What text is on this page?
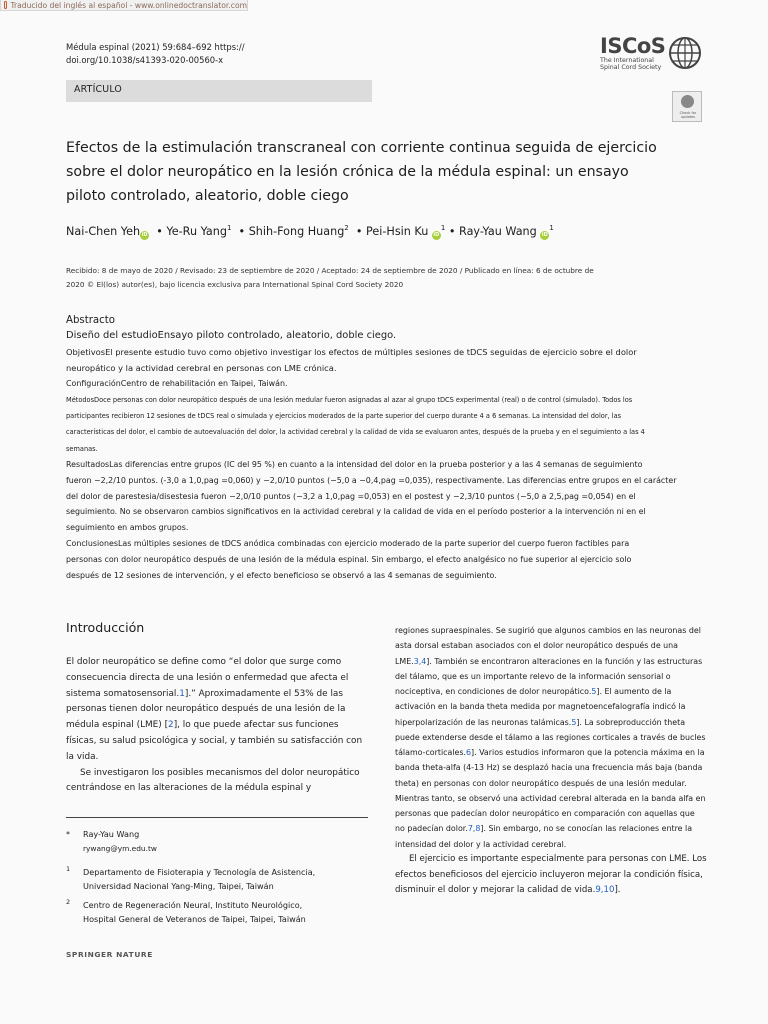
Traducido del inglés al español - www.onlinedoctranslator.com
Médula espinal (2021) 59:684–692 https://
doi.org/10.1038/s41393-020-00560-x
ARTÍCULO
ISCoS
The International
Spinal Cord Society
Check for
updates
Efectos de la estimulación transcraneal con corriente continua seguida de ejercicio
sobre el dolor neuropático en la lesión crónica de la médula espinal: un ensayo
piloto controlado, aleatorio, doble ciego
Nai-Chen Yeh iD  • Ye-Ru Yang$^1$  • Shih-Fong Huang$^2$  • Pei-Hsin Ku $iD^1$ • Ray-Yau Wang $iD^1$
Recibido: 8 de mayo de 2020 / Revisado: 23 de septiembre de 2020 / Aceptado: 24 de septiembre de 2020 / Publicado en línea: 6 de octubre de
2020 © El(los) autor(es), bajo licencia exclusiva para International Spinal Cord Society 2020
Abstracto
Diseño del estudioEnsayo piloto controlado, aleatorio, doble ciego.
ObjetivosEl presente estudio tuvo como objetivo investigar los efectos de múltiples sesiones de tDCS seguidas de ejercicio sobre el dolor
neuropático y la actividad cerebral en personas con LME crónica.
ConfiguraciónCentro de rehabilitación en Taipei, Taiwán.
MétodosDoce personas con dolor neuropático después de una lesión medular fueron asignadas al azar al grupo tDCS experimental (real) o de control (simulado). Todos los
participantes recibieron 12 sesiones de tDCS real o simulada y ejercicios moderados de la parte superior del cuerpo durante 4 a 6 semanas. La intensidad del dolor, las
características del dolor, el cambio de autoevaluación del dolor, la actividad cerebral y la calidad de vida se evaluaron antes, después de la prueba y en el seguimiento a las 4
semanas.
ResultadosLas diferencias entre grupos (IC del 95 %) en cuanto a la intensidad del dolor en la prueba posterior y a las 4 semanas de seguimiento
fueron −2,2/10 puntos. (-3,0 a 1,0,pag =0,060) y −2,0/10 puntos (−5,0 a −0,4,pag =0,035), respectivamente. Las diferencias entre grupos en el carácter
del dolor de parestesia/disestesia fueron −2,0/10 puntos (−3,2 a 1,0,pag =0,053) en el postest y −2,3/10 puntos (−5,0 a 2,5,pag =0,054) en el
seguimiento. No se observaron cambios significativos en la actividad cerebral y la calidad de vida en el período posterior a la intervención ni en el
seguimiento en ambos grupos.
ConclusionesLas múltiples sesiones de tDCS anódica combinadas con ejercicio moderado de la parte superior del cuerpo fueron factibles para
personas con dolor neuropático después de una lesión de la médula espinal. Sin embargo, el efecto analgésico no fue superior al ejercicio solo
después de 12 sesiones de intervención, y el efecto beneficioso se observó a las 4 semanas de seguimiento.
Introducción

El dolor neuropático se define como “el dolor que surge como consecuencia directa de una lesión o enfermedad que afecta el sistema somatosensorial.1].” Aproximadamente el 53% de las personas tienen dolor neuropático después de una lesión de la médula espinal (LME) [2], lo que puede afectar sus funciones físicas, su salud psicológica y social, y también su satisfacción con la vida.

Se investigaron los posibles mecanismos del dolor neuropático centrándose en las alteraciones de la médula espinal y

regiones supraespinales. Se sugirió que algunos cambios en las neuronas del asta dorsal estaban asociados con el dolor neuropático después de una LME.3,4]. También se encontraron alteraciones en la función y las estructuras del tálamo, que es un importante relevo de la información sensorial o nociceptiva, en condiciones de dolor neuropático.5]. El aumento de la activación en la banda theta medida por magnetoencefalografía indicó la hiperpolarización de las neuronas talámicas.5]. La sobreproducción theta puede extenderse desde el tálamo a las regiones corticales a través de bucles tálamo-corticales.6]. Varios estudios informaron que la potencia máxima en la banda theta-alfa (4-13 Hz) se desplazó hacia una frecuencia más baja (banda theta) en personas con dolor neuropático después de una lesión medular. Mientras tanto, se observó una actividad cerebral alterada en la banda alfa en personas que padecían dolor neuropático en comparación con aquellas que no padecían dolor.7,8]. Sin embargo, no se conocían las relaciones entre la intensidad del dolor y la actividad cerebral.

El ejercicio es importante especialmente para personas con LME. Los efectos beneficiosos del ejercicio incluyeron mejorar la condición física, disminuir el dolor y mejorar la calidad de vida.9,10].

* Ray-Yau Wang
rywang@ym.edu.tw
1 Departamento de Fisioterapia y Tecnología de Asistencia,
Universidad Nacional Yang-Ming, Taipei, Taiwán
2 Centro de Regeneración Neural, Instituto Neurológico,
Hospital General de Veteranos de Taipei, Taipei, Taiwán
SPRINGER NATURE
